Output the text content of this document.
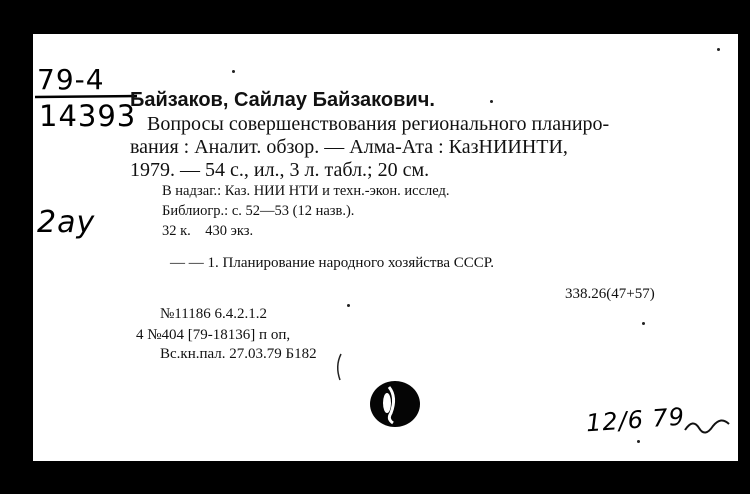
79-4
14393
Байзаков, Сайлау Байзакович.
Вопросы совершенствования регионального планиро-
вания : Аналит. обзор. — Алма-Ата : КазНИИНТИ,
1979. — 54 с., ил., 3 л. табл.; 20 см.
2ау
В надзаг.: Каз. НИИ НТИ и техн.-экон. исслед.
Библиогр.: с. 52—53 (12 назв.).
32 к.    430 экз.
— — 1. Планирование народного хозяйства СССР.
338.26(47+57)
№11186 6.4.2.1.2
4 №404 [79-18136] п оп,
Вс.кн.пал. 27.03.79 Б182
12/6 79
